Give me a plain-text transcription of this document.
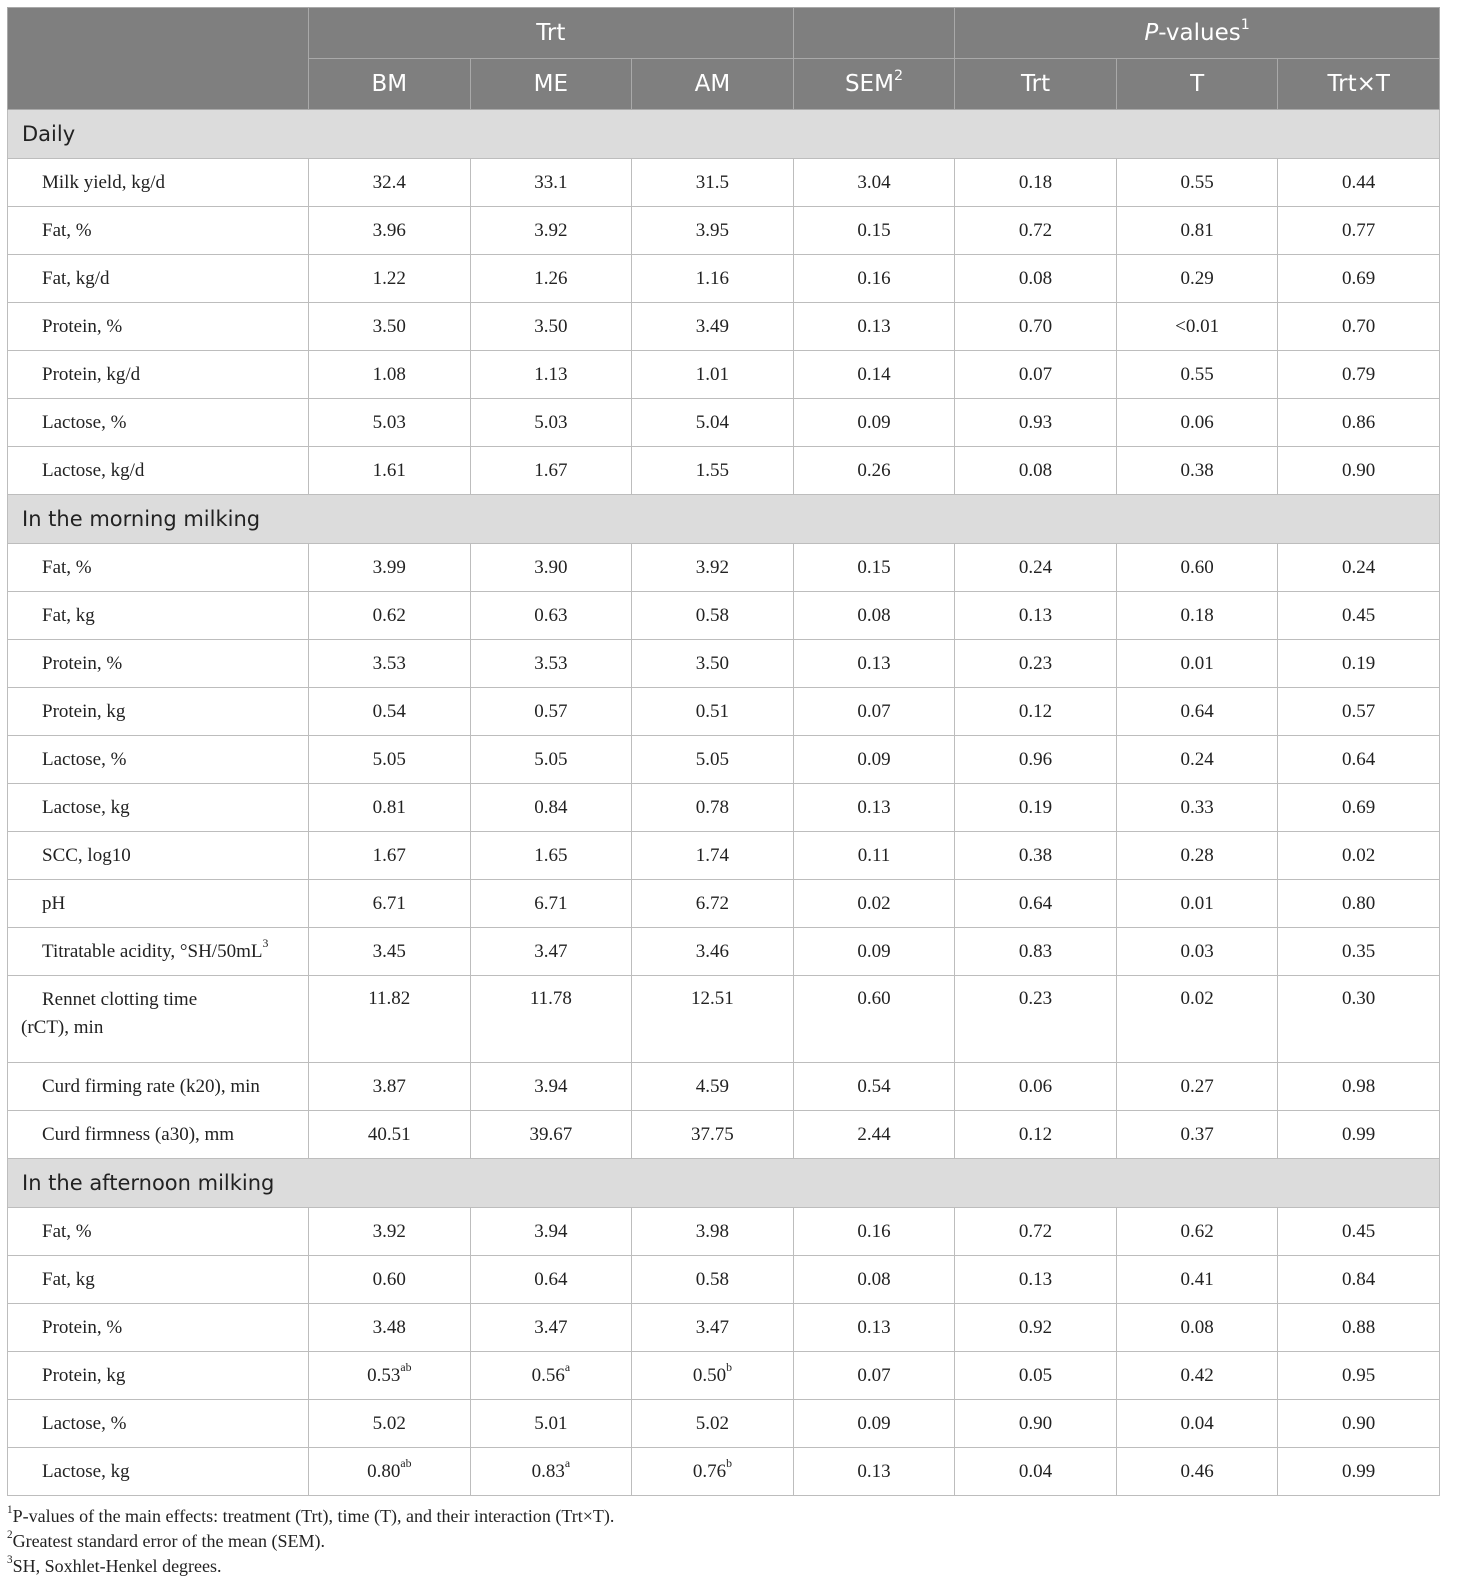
	Trt				P-values$^1$
	BM	ME	AM	SEM$^2$	Trt	T	Trt×T
Daily							
Milk yield, kg/d	32.4	33.1	31.5	3.04	0.18	0.55	0.44
Fat, %	3.96	3.92	3.95	0.15	0.72	0.81	0.77
Fat, kg/d	1.22	1.26	1.16	0.16	0.08	0.29	0.69
Protein, %	3.50	3.50	3.49	0.13	0.70	<0.01	0.70
Protein, kg/d	1.08	1.13	1.01	0.14	0.07	0.55	0.79
Lactose, %	5.03	5.03	5.04	0.09	0.93	0.06	0.86
Lactose, kg/d	1.61	1.67	1.55	0.26	0.08	0.38	0.90
In the morning milking							
Fat, %	3.99	3.90	3.92	0.15	0.24	0.60	0.24
Fat, kg	0.62	0.63	0.58	0.08	0.13	0.18	0.45
Protein, %	3.53	3.53	3.50	0.13	0.23	0.01	0.19
Protein, kg	0.54	0.57	0.51	0.07	0.12	0.64	0.57
Lactose, %	5.05	5.05	5.05	0.09	0.96	0.24	0.64
Lactose, kg	0.81	0.84	0.78	0.13	0.19	0.33	0.69
SCC, log10	1.67	1.65	1.74	0.11	0.38	0.28	0.02
pH	6.71	6.71	6.72	0.02	0.64	0.01	0.80
Titratable acidity, $^\circ SH/50mL^3$	3.45	3.47	3.46	0.09	0.83	0.03	0.35
Rennet clotting time
(rCT), min	11.82	11.78	12.51	0.60	0.23	0.02	0.30
Curd firming rate (k20), min	3.87	3.94	4.59	0.54	0.06	0.27	0.98
Curd firmness (a30), mm	40.51	39.67	37.75	2.44	0.12	0.37	0.99
In the afternoon milking							
Fat, %	3.92	3.94	3.98	0.16	0.72	0.62	0.45
Fat, kg	0.60	0.64	0.58	0.08	0.13	0.41	0.84
Protein, %	3.48	3.47	3.47	0.13	0.92	0.08	0.88
Protein, kg	0.53$^{ab}$	0.56$^a$	0.50$^b$	0.07	0.05	0.42	0.95
Lactose, %	5.02	5.01	5.02	0.09	0.90	0.04	0.90
Lactose, kg	0.80$^{ab}$	0.83$^a$	0.76$^b$	0.13	0.04	0.46	0.99
$^1$P-values of the main effects: treatment (Trt), time (T), and their interaction (Trt×T).
$^2$Greatest standard error of the mean (SEM).
$^3$SH, Soxhlet-Henkel degrees.
